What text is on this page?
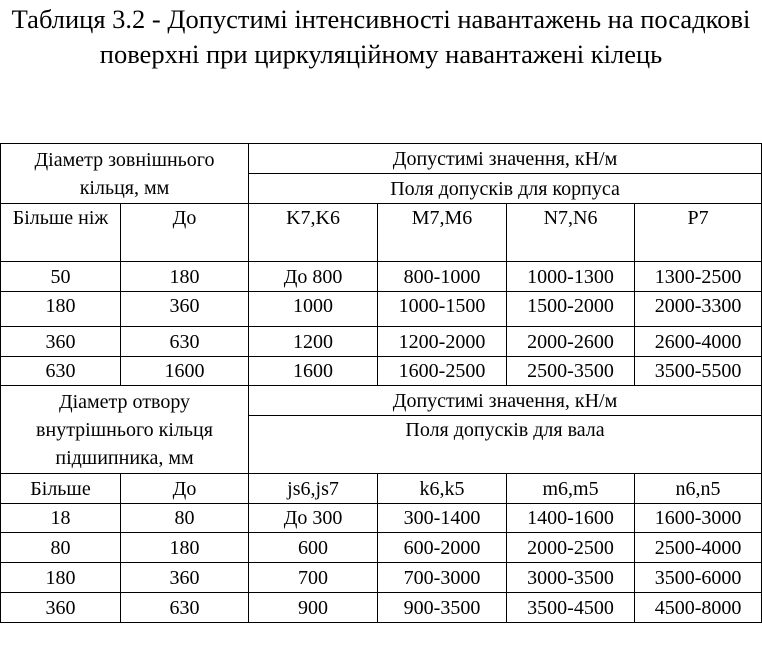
Таблиця 3.2 - Допустимі інтенсивності навантажень на посадкові поверхні при циркуляційному навантажені кілець
Діаметр зовнішнього кільця, мм		Допустимі значення, кН/м			
		Поля допусків для корпуса			
Більше ніж	До	K7,K6	M7,M6	N7,N6	P7
50	180	До 800	800-1000	1000-1300	1300-2500
180	360	1000	1000-1500	1500-2000	2000-3300
360	630	1200	1200-2000	2000-2600	2600-4000
630	1600	1600	1600-2500	2500-3500	3500-5500
Діаметр отвору внутрішнього кільця підшипника, мм		Допустимі значення, кН/м			
		Поля допусків для вала			
Більше	До	js6,js7	k6,k5	m6,m5	n6,n5
18	80	До 300	300-1400	1400-1600	1600-3000
80	180	600	600-2000	2000-2500	2500-4000
180	360	700	700-3000	3000-3500	3500-6000
360	630	900	900-3500	3500-4500	4500-8000
